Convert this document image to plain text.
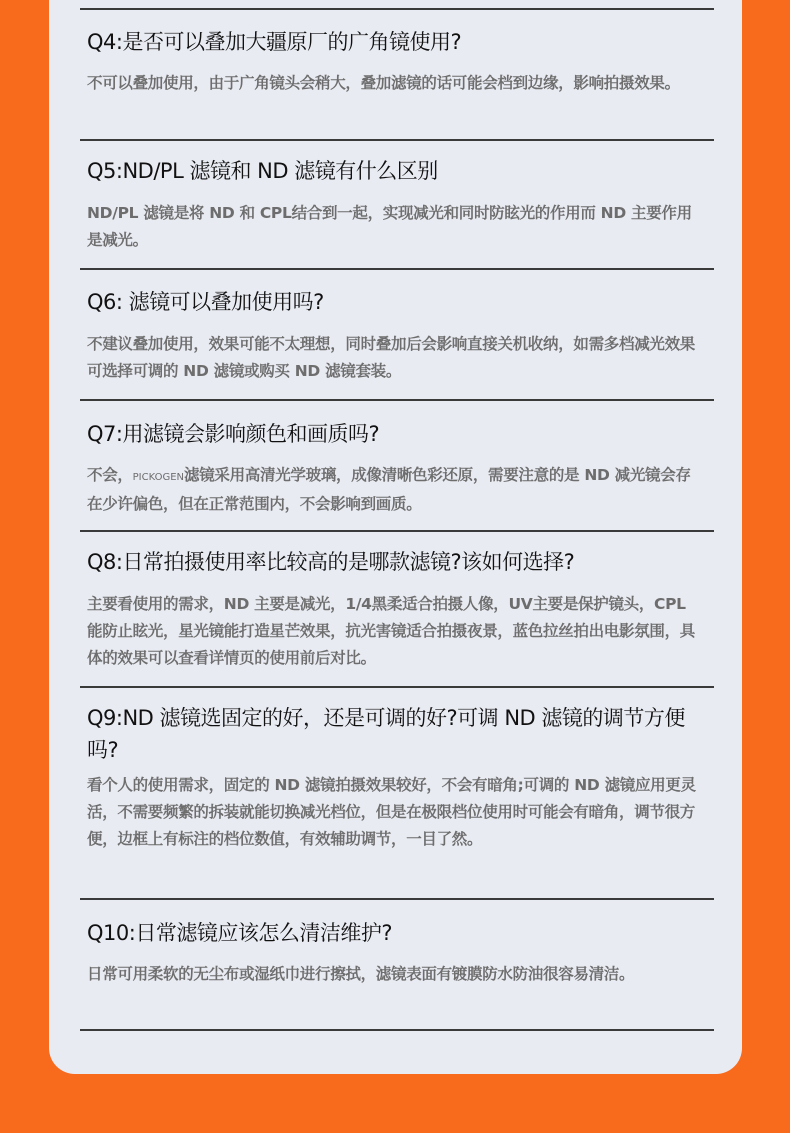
Q4:是否可以叠加大疆原厂的广角镜使用?
不可以叠加使用，由于广角镜头会稍大，叠加滤镜的话可能会档到边缘，影响拍摄效果。
Q5:ND/PL 滤镜和 ND 滤镜有什么区别
ND/PL 滤镜是将 ND 和 CPL结合到一起，实现减光和同时防眩光的作用而 ND 主要作用是减光。
Q6: 滤镜可以叠加使用吗?
不建议叠加使用，效果可能不太理想，同时叠加后会影响直接关机收纳，如需多档减光效果可选择可调的 ND 滤镜或购买 ND 滤镜套装。
Q7:用滤镜会影响颜色和画质吗?
不会，PICKOGEN滤镜采用高清光学玻璃，成像清晰色彩还原，需要注意的是 ND 减光镜会存在少许偏色，但在正常范围内，不会影响到画质。
Q8:日常拍摄使用率比较高的是哪款滤镜?该如何选择?
主要看使用的需求，ND 主要是减光，1/4黑柔适合拍摄人像，UV主要是保护镜头，CPL能防止眩光，星光镜能打造星芒效果，抗光害镜适合拍摄夜景，蓝色拉丝拍出电影氛围，具体的效果可以查看详情页的使用前后对比。
Q9:ND 滤镜选固定的好，还是可调的好?可调 ND 滤镜的调节方便吗?
看个人的使用需求，固定的 ND 滤镜拍摄效果较好，不会有暗角;可调的 ND 滤镜应用更灵活，不需要频繁的拆装就能切换减光档位，但是在极限档位使用时可能会有暗角，调节很方便，边框上有标注的档位数值，有效辅助调节，一目了然。
Q10:日常滤镜应该怎么清洁维护?
日常可用柔软的无尘布或湿纸巾进行擦拭，滤镜表面有镀膜防水防油很容易清洁。
